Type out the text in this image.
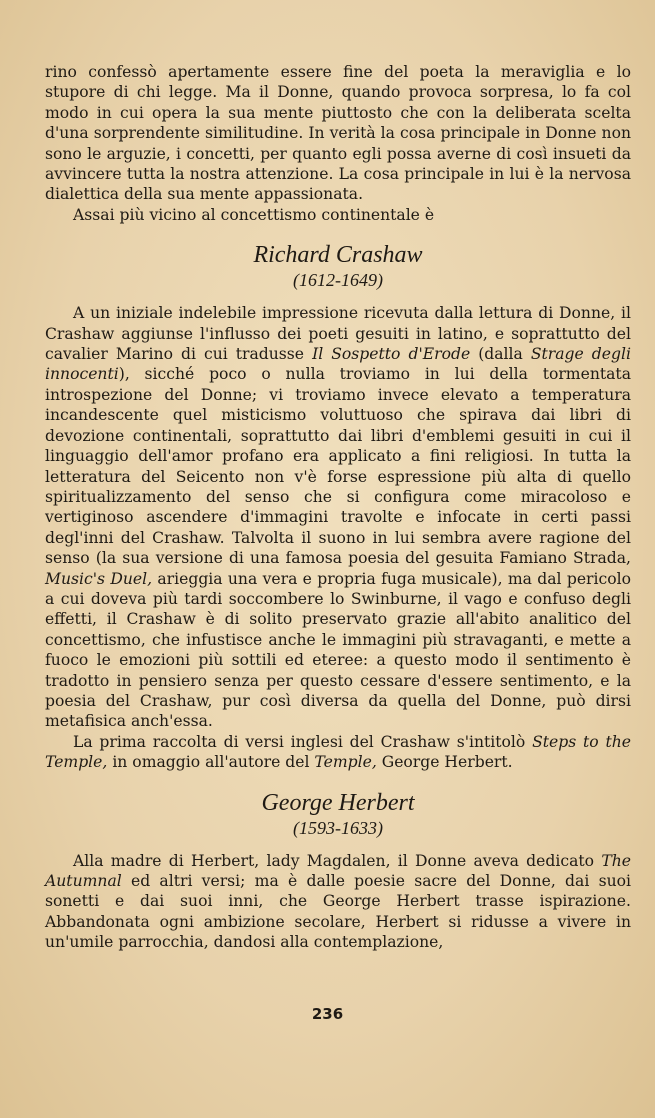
rino confessò apertamente essere fine del poeta la meraviglia e lo stupore di chi legge. Ma il Donne, quando provoca sorpresa, lo fa col modo in cui opera la sua mente piuttosto che con la deliberata scelta d'una sorprendente similitudine. In verità la cosa principale in Donne non sono le arguzie, i concetti, per quanto egli possa averne di così insueti da avvincere tutta la nostra attenzione. La cosa principale in lui è la nervosa dialettica della sua mente appassionata.

Assai più vicino al concettismo continentale è

Richard Crashaw
(1612-1649)

A un iniziale indelebile impressione ricevuta dalla lettura di Donne, il Crashaw aggiunse l'influsso dei poeti gesuiti in latino, e soprattutto del cavalier Marino di cui tradusse Il Sospetto d'Erode (dalla Strage degli innocenti), sicché poco o nulla troviamo in lui della tormentata introspezione del Donne; vi troviamo invece elevato a temperatura incandescente quel misticismo voluttuoso che spirava dai libri di devozione continentali, soprattutto dai libri d'emblemi gesuiti in cui il linguaggio dell'amor profano era applicato a fini religiosi. In tutta la letteratura del Seicento non v'è forse espressione più alta di quello spiritualizzamento del senso che si configura come miracoloso e vertiginoso ascendere d'immagini travolte e infocate in certi passi degl'inni del Crashaw. Talvolta il suono in lui sembra avere ragione del senso (la sua versione di una famosa poesia del gesuita Famiano Strada, Music's Duel, arieggia una vera e propria fuga musicale), ma dal pericolo a cui doveva più tardi soccombere lo Swinburne, il vago e confuso degli effetti, il Crashaw è di solito preservato grazie all'abito analitico del concettismo, che infustisce anche le immagini più stravaganti, e mette a fuoco le emozioni più sottili ed eteree: a questo modo il sentimento è tradotto in pensiero senza per questo cessare d'essere sentimento, e la poesia del Crashaw, pur così diversa da quella del Donne, può dirsi metafisica anch'essa.

La prima raccolta di versi inglesi del Crashaw s'intitolò Steps to the Temple, in omaggio all'autore del Temple, George Herbert.

George Herbert
(1593-1633)

Alla madre di Herbert, lady Magdalen, il Donne aveva dedicato The Autumnal ed altri versi; ma è dalle poesie sacre del Donne, dai suoi sonetti e dai suoi inni, che George Herbert trasse ispirazione. Abbandonata ogni ambizione secolare, Herbert si ridusse a vivere in un'umile parrocchia, dandosi alla contemplazione,

236
